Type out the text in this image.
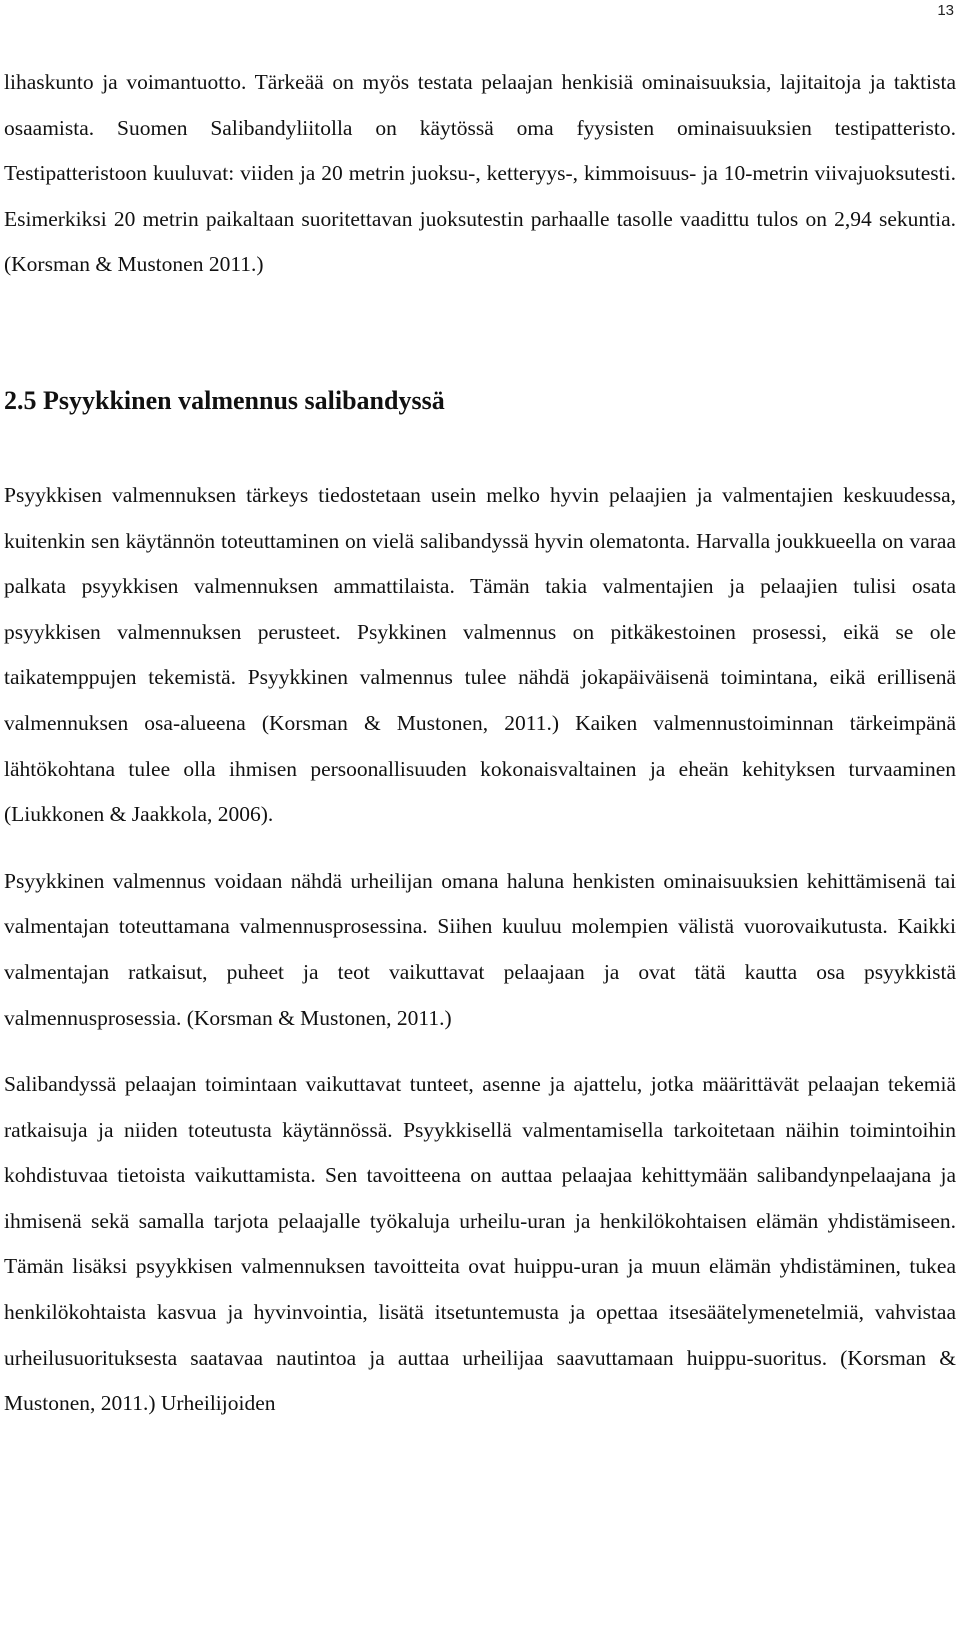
13

lihaskunto ja voimantuotto. Tärkeää on myös testata pelaajan henkisiä ominaisuuksia, lajitaitoja ja taktista osaamista. Suomen Salibandyliitolla on käytössä oma fyysisten ominaisuuksien testipatteristo. Testipatteristoon kuuluvat: viiden ja 20 metrin juoksu-, ketteryys-, kimmoisuus- ja 10-metrin viivajuoksutesti. Esimerkiksi 20 metrin paikaltaan suoritettavan juoksutestin parhaalle tasolle vaadittu tulos on 2,94 sekuntia. (Korsman & Mustonen 2011.)

2.5 Psyykkinen valmennus salibandyssä

Psyykkisen valmennuksen tärkeys tiedostetaan usein melko hyvin pelaajien ja valmentajien keskuudessa, kuitenkin sen käytännön toteuttaminen on vielä salibandyssä hyvin olematonta. Harvalla joukkueella on varaa palkata psyykkisen valmennuksen ammattilaista. Tämän takia valmentajien ja pelaajien tulisi osata psyykkisen valmennuksen perusteet. Psykkinen valmennus on pitkäkestoinen prosessi, eikä se ole taikatemppujen tekemistä. Psyykkinen valmennus tulee nähdä jokapäiväisenä toimintana, eikä erillisenä valmennuksen osa-alueena (Korsman & Mustonen, 2011.) Kaiken valmennustoiminnan tärkeimpänä lähtökohtana tulee olla ihmisen persoonallisuuden kokonaisvaltainen ja eheän kehityksen turvaaminen (Liukkonen & Jaakkola, 2006).

Psyykkinen valmennus voidaan nähdä urheilijan omana haluna henkisten ominaisuuksien kehittämisenä tai valmentajan toteuttamana valmennusprosessina. Siihen kuuluu molempien välistä vuorovaikutusta. Kaikki valmentajan ratkaisut, puheet ja teot vaikuttavat pelaajaan ja ovat tätä kautta osa psyykkistä valmennusprosessia. (Korsman & Mustonen, 2011.)

Salibandyssä pelaajan toimintaan vaikuttavat tunteet, asenne ja ajattelu, jotka määrittävät pelaajan tekemiä ratkaisuja ja niiden toteutusta käytännössä. Psyykkisellä valmentamisella tarkoitetaan näihin toimintoihin kohdistuvaa tietoista vaikuttamista. Sen tavoitteena on auttaa pelaajaa kehittymään salibandynpelaajana ja ihmisenä sekä samalla tarjota pelaajalle työkaluja urheilu-uran ja henkilökohtaisen elämän yhdistämiseen. Tämän lisäksi psyykkisen valmennuksen tavoitteita ovat huippu-uran ja muun elämän yhdistäminen, tukea henkilökohtaista kasvua ja hyvinvointia, lisätä itsetuntemusta ja opettaa itsesäätelymenetelmiä, vahvistaa urheilusuorituksesta saatavaa nautintoa ja auttaa urheilijaa saavuttamaan huippu-suoritus. (Korsman & Mustonen, 2011.) Urheilijoiden
